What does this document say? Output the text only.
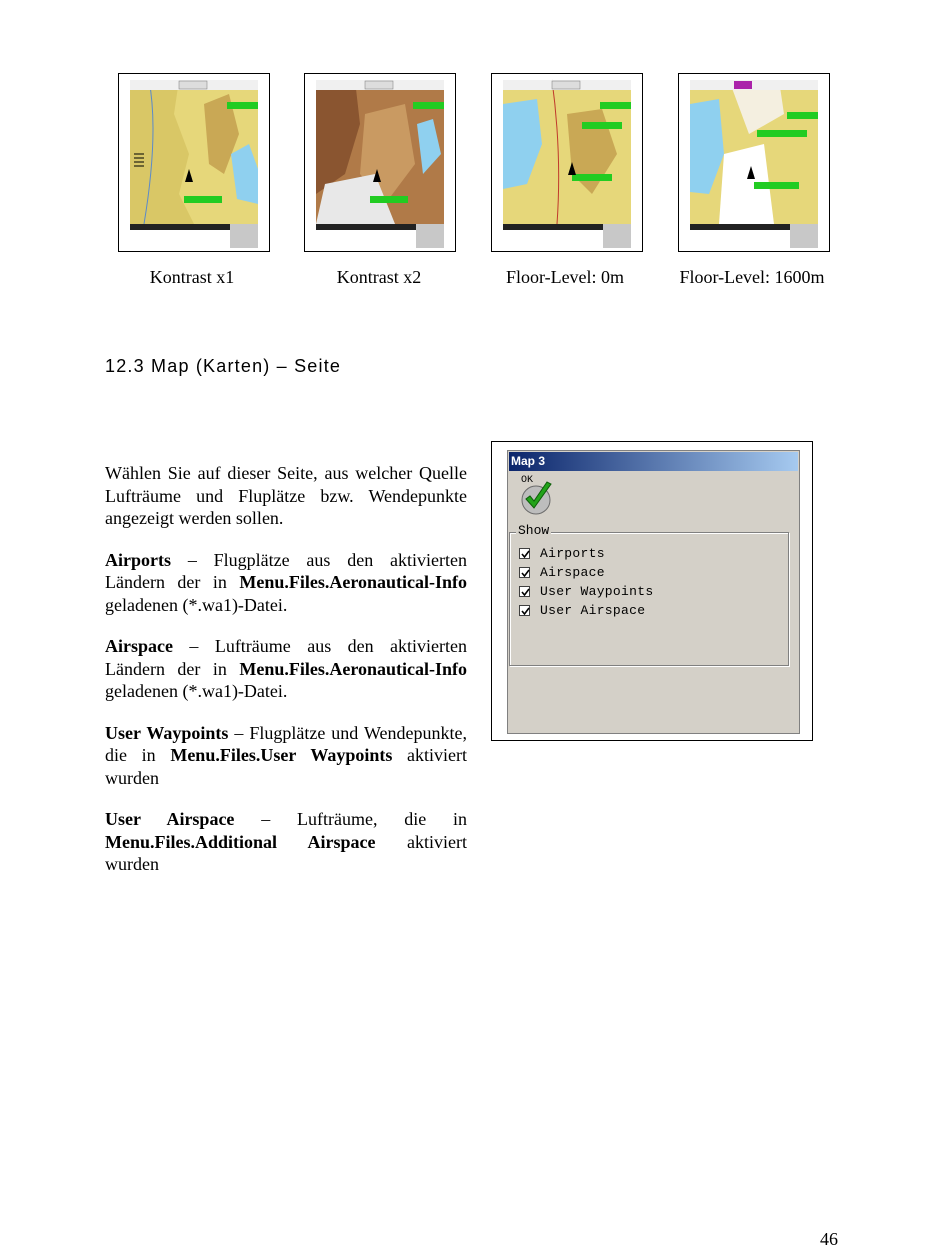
Kontrast x1	Kontrast x2	Floor-Level: 0m	Floor-Level: 1600m
12.3 Map (Karten) – Seite

Wählen Sie auf dieser Seite, aus welcher Quelle Lufträume und Fluplätze bzw. Wendepunkte angezeigt werden sollen.

Airports – Flugplätze aus den aktivierten Ländern der in Menu.Files.Aeronautical-Info geladenen (*.wa1)-Datei.

Airspace – Lufträume aus den aktivierten Ländern der in Menu.Files.Aeronautical-Info geladenen (*.wa1)-Datei.

User Waypoints – Flugplätze und Wendepunkte, die in Menu.Files.User Waypoints aktiviert wurden

User Airspace – Lufträume, die in Menu.Files.Additional Airspace aktiviert wurden

Map 3
OK
Show
Airports
Airspace
User Waypoints
User Airspace
46
